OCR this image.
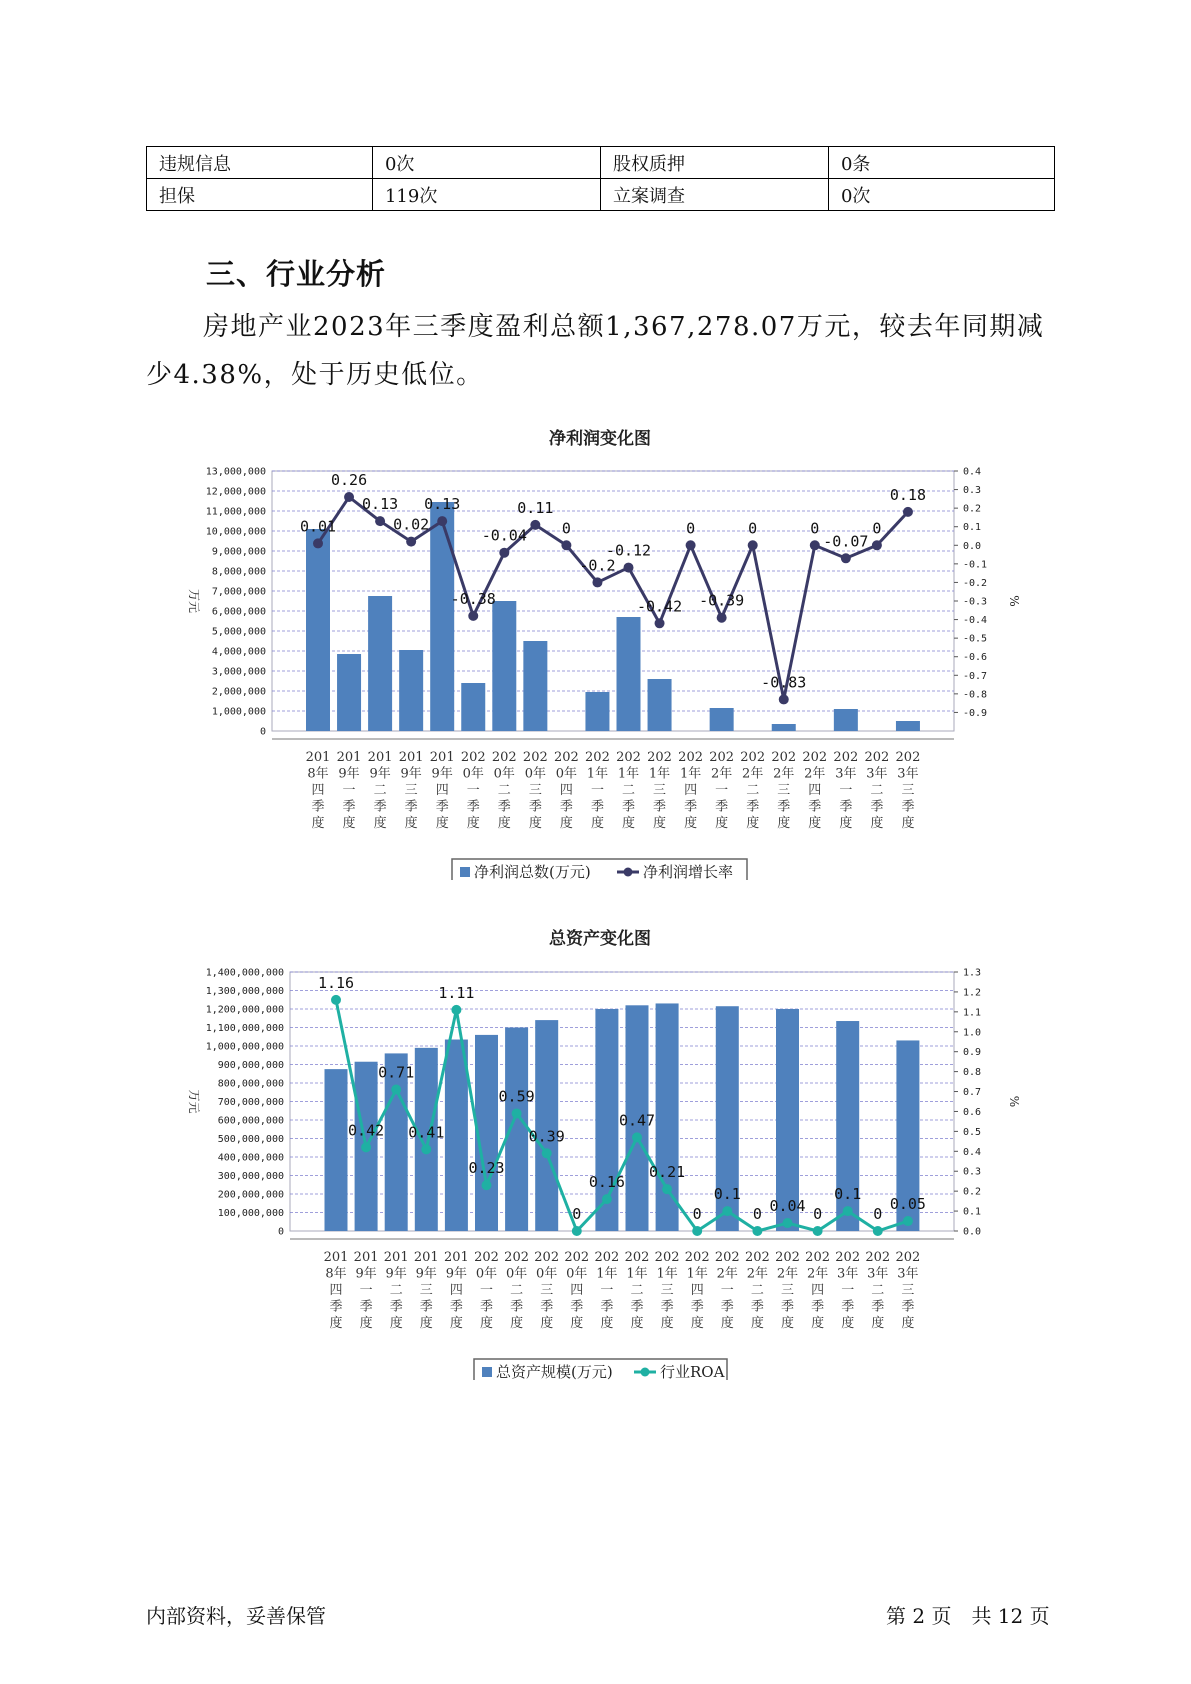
违规信息	0次	股权质押	0条
担保	119次	立案调查	0次
三、行业分析
房地产业2023年三季度盈利总额1,367,278.07万元，较去年同期减少4.38%，处于历史低位。
净利润变化图
0
1,000,000
2,000,000
3,000,000
4,000,000
5,000,000
6,000,000
7,000,000
8,000,000
9,000,000
10,000,000
11,000,000
12,000,000
13,000,000
-0.9
-0.8
-0.7
-0.6
-0.5
-0.4
-0.3
-0.2
-0.1
0.0
0.1
0.2
0.3
0.4
万元	%
201
8年
四
季
度
201
9年
一
季
度
201
9年
二
季
度
201
9年
三
季
度
201
9年
四
季
度
202
0年
一
季
度
202
0年
二
季
度
202
0年
三
季
度
202
0年
四
季
度
202
1年
一
季
度
202
1年
二
季
度
202
1年
三
季
度
202
1年
四
季
度
202
2年
一
季
度
202
2年
二
季
度
202
2年
三
季
度
202
2年
四
季
度
202
3年
一
季
度
202
3年
二
季
度
202
3年
三
季
度
0.01
0.26
0.13
0.02
0.13
-0.38
-0.04
0.11
0
-0.2
-0.12
-0.42
0
-0.39
0
-0.83
0
-0.07
0
0.18
净利润总数(万元)	净利润增长率
总资产变化图
0
100,000,000
200,000,000
300,000,000
400,000,000
500,000,000
600,000,000
700,000,000
800,000,000
900,000,000
1,000,000,000
1,100,000,000
1,200,000,000
1,300,000,000
1,400,000,000
0.0
0.1
0.2
0.3
0.4
0.5
0.6
0.7
0.8
0.9
1.0
1.1
1.2
1.3
万元	%
201
8年
四
季
度
201
9年
一
季
度
201
9年
二
季
度
201
9年
三
季
度
201
9年
四
季
度
202
0年
一
季
度
202
0年
二
季
度
202
0年
三
季
度
202
0年
四
季
度
202
1年
一
季
度
202
1年
二
季
度
202
1年
三
季
度
202
1年
四
季
度
202
2年
一
季
度
202
2年
二
季
度
202
2年
三
季
度
202
2年
四
季
度
202
3年
一
季
度
202
3年
二
季
度
202
3年
三
季
度
1.16
0.42
0.71
0.41
1.11
0.23
0.59
0.39
0
0.16
0.47
0.21
0
0.1
0 0.04 0
0.1
0
0.05
总资产规模(万元)	行业ROA
内部资料，妥善保管	第 2 页　共 12 页
